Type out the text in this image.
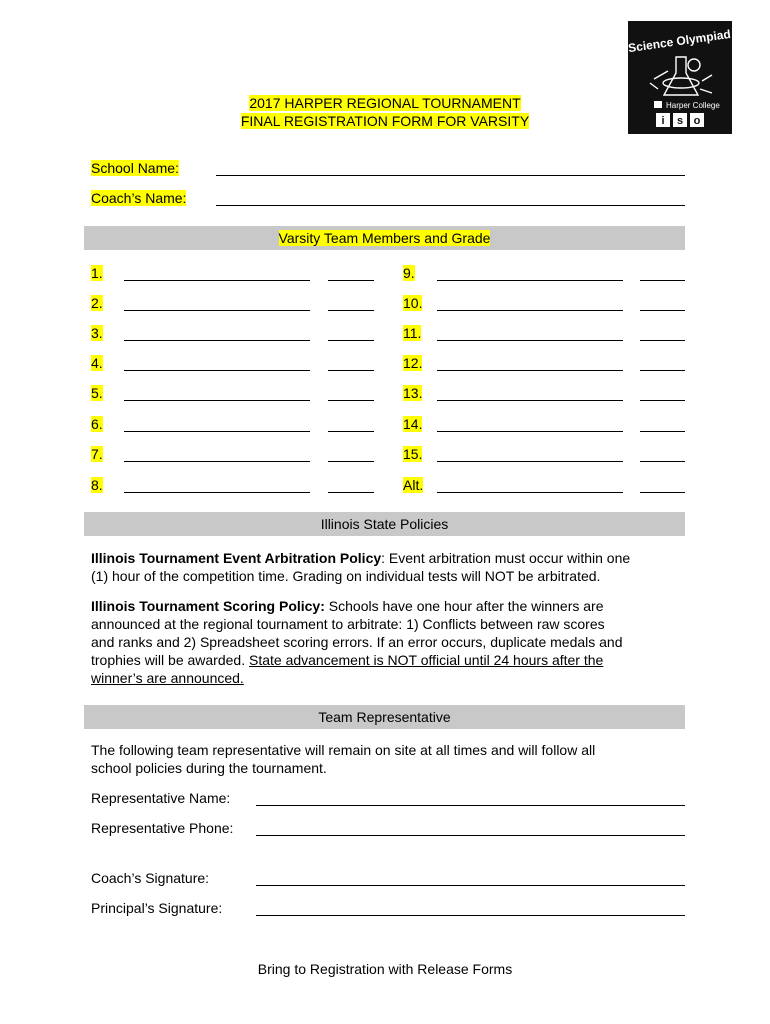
2017 HARPER REGIONAL TOURNAMENT
FINAL REGISTRATION FORM FOR VARSITY
Science Olympiad
Harper College
i s o
School Name:
Coach’s Name:
Varsity Team Members and Grade
1.
2.
3.
4.
5.
6.
7.
8.
9.
10.
11.
12.
13.
14.
15.
Alt.
Illinois State Policies
Illinois Tournament Event Arbitration Policy: Event arbitration must occur within one
(1) hour of the competition time. Grading on individual tests will NOT be arbitrated.
Illinois Tournament Scoring Policy: Schools have one hour after the winners are
announced at the regional tournament to arbitrate: 1) Conflicts between raw scores
and ranks and 2) Spreadsheet scoring errors. If an error occurs, duplicate medals and
trophies will be awarded. State advancement is NOT official until 24 hours after the
winner’s are announced.
Team Representative
The following team representative will remain on site at all times and will follow all
school policies during the tournament.
Representative Name:
Representative Phone:
Coach’s Signature:
Principal’s Signature:
Bring to Registration with Release Forms
